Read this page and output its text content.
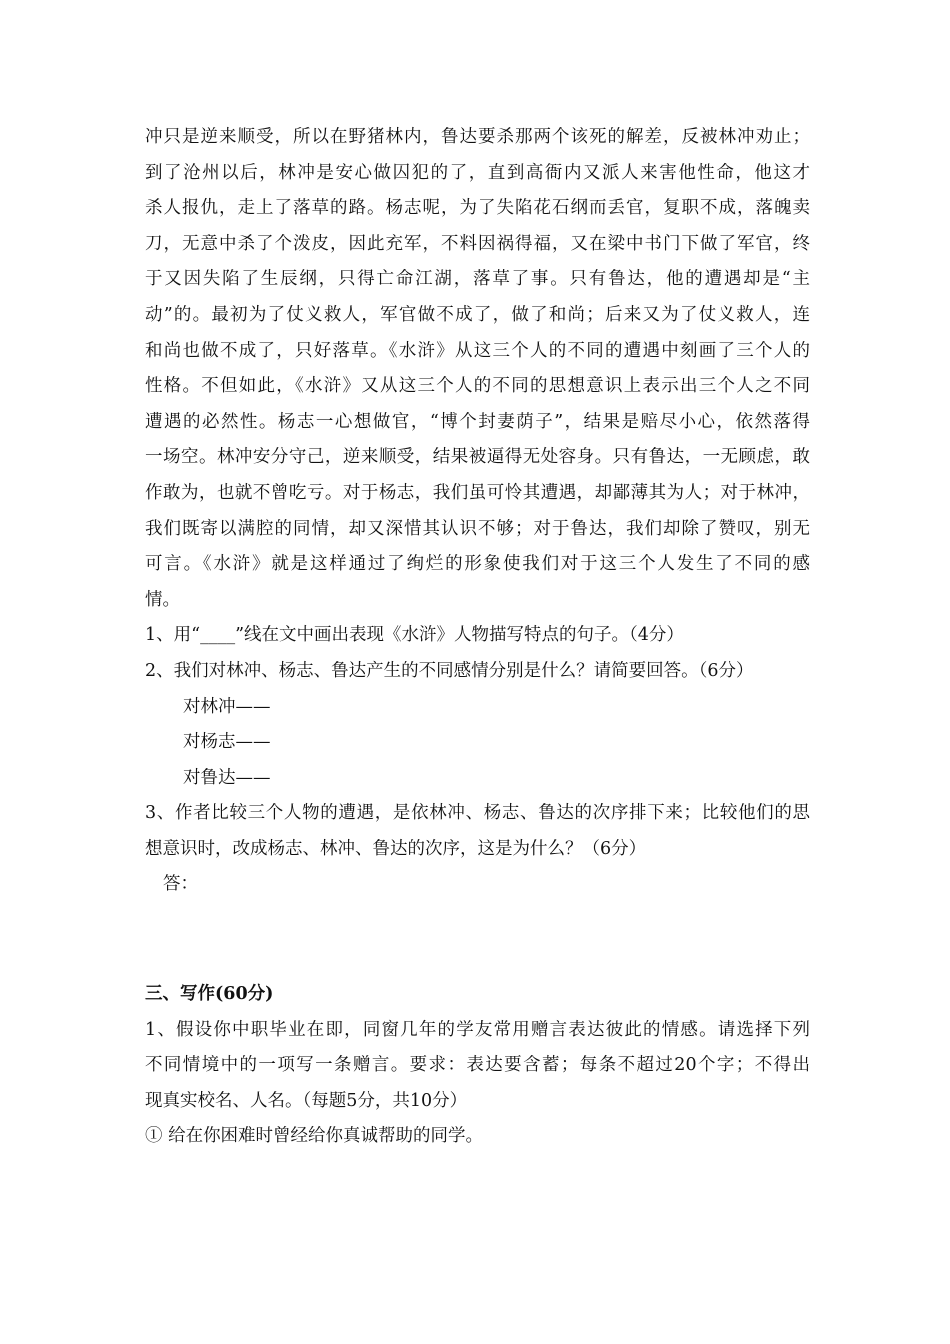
冲只是逆来顺受，所以在野猪林内，鲁达要杀那两个该死的解差，反被林冲劝止；
到了沧州以后，林冲是安心做囚犯的了，直到高衙内又派人来害他性命，他这才
杀人报仇，走上了落草的路。杨志呢，为了失陷花石纲而丢官，复职不成，落魄卖
刀，无意中杀了个泼皮，因此充军，不料因祸得福，又在梁中书门下做了军官，终
于又因失陷了生辰纲，只得亡命江湖，落草了事。只有鲁达，他的遭遇却是“主
动”的。最初为了仗义救人，军官做不成了，做了和尚；后来又为了仗义救人，连
和尚也做不成了，只好落草。《水浒》从这三个人的不同的遭遇中刻画了三个人的
性格。不但如此，《水浒》又从这三个人的不同的思想意识上表示出三个人之不同
遭遇的必然性。杨志一心想做官，“博个封妻荫子”，结果是赔尽小心，依然落得
一场空。林冲安分守己，逆来顺受，结果被逼得无处容身。只有鲁达，一无顾虑，敢
作敢为，也就不曾吃亏。对于杨志，我们虽可怜其遭遇，却鄙薄其为人；对于林冲，
我们既寄以满腔的同情，却又深惜其认识不够；对于鲁达，我们却除了赞叹，别无
可言。《水浒》就是这样通过了绚烂的形象使我们对于这三个人发生了不同的感
情。
1、用“____”线在文中画出表现《水浒》人物描写特点的句子。（4分）
2、我们对林冲、杨志、鲁达产生的不同感情分别是什么？请简要回答。（6分）
对林冲——
对杨志——
对鲁达——
3、作者比较三个人物的遭遇，是依林冲、杨志、鲁达的次序排下来；比较他们的思
想意识时，改成杨志、林冲、鲁达的次序，这是为什么？（6分）
答：
三、写作(60分)
1、假设你中职毕业在即，同窗几年的学友常用赠言表达彼此的情感。请选择下列
不同情境中的一项写一条赠言。要求：表达要含蓄；每条不超过20个字；不得出
现真实校名、人名。（每题5分，共10分）
① 给在你困难时曾经给你真诚帮助的同学。
